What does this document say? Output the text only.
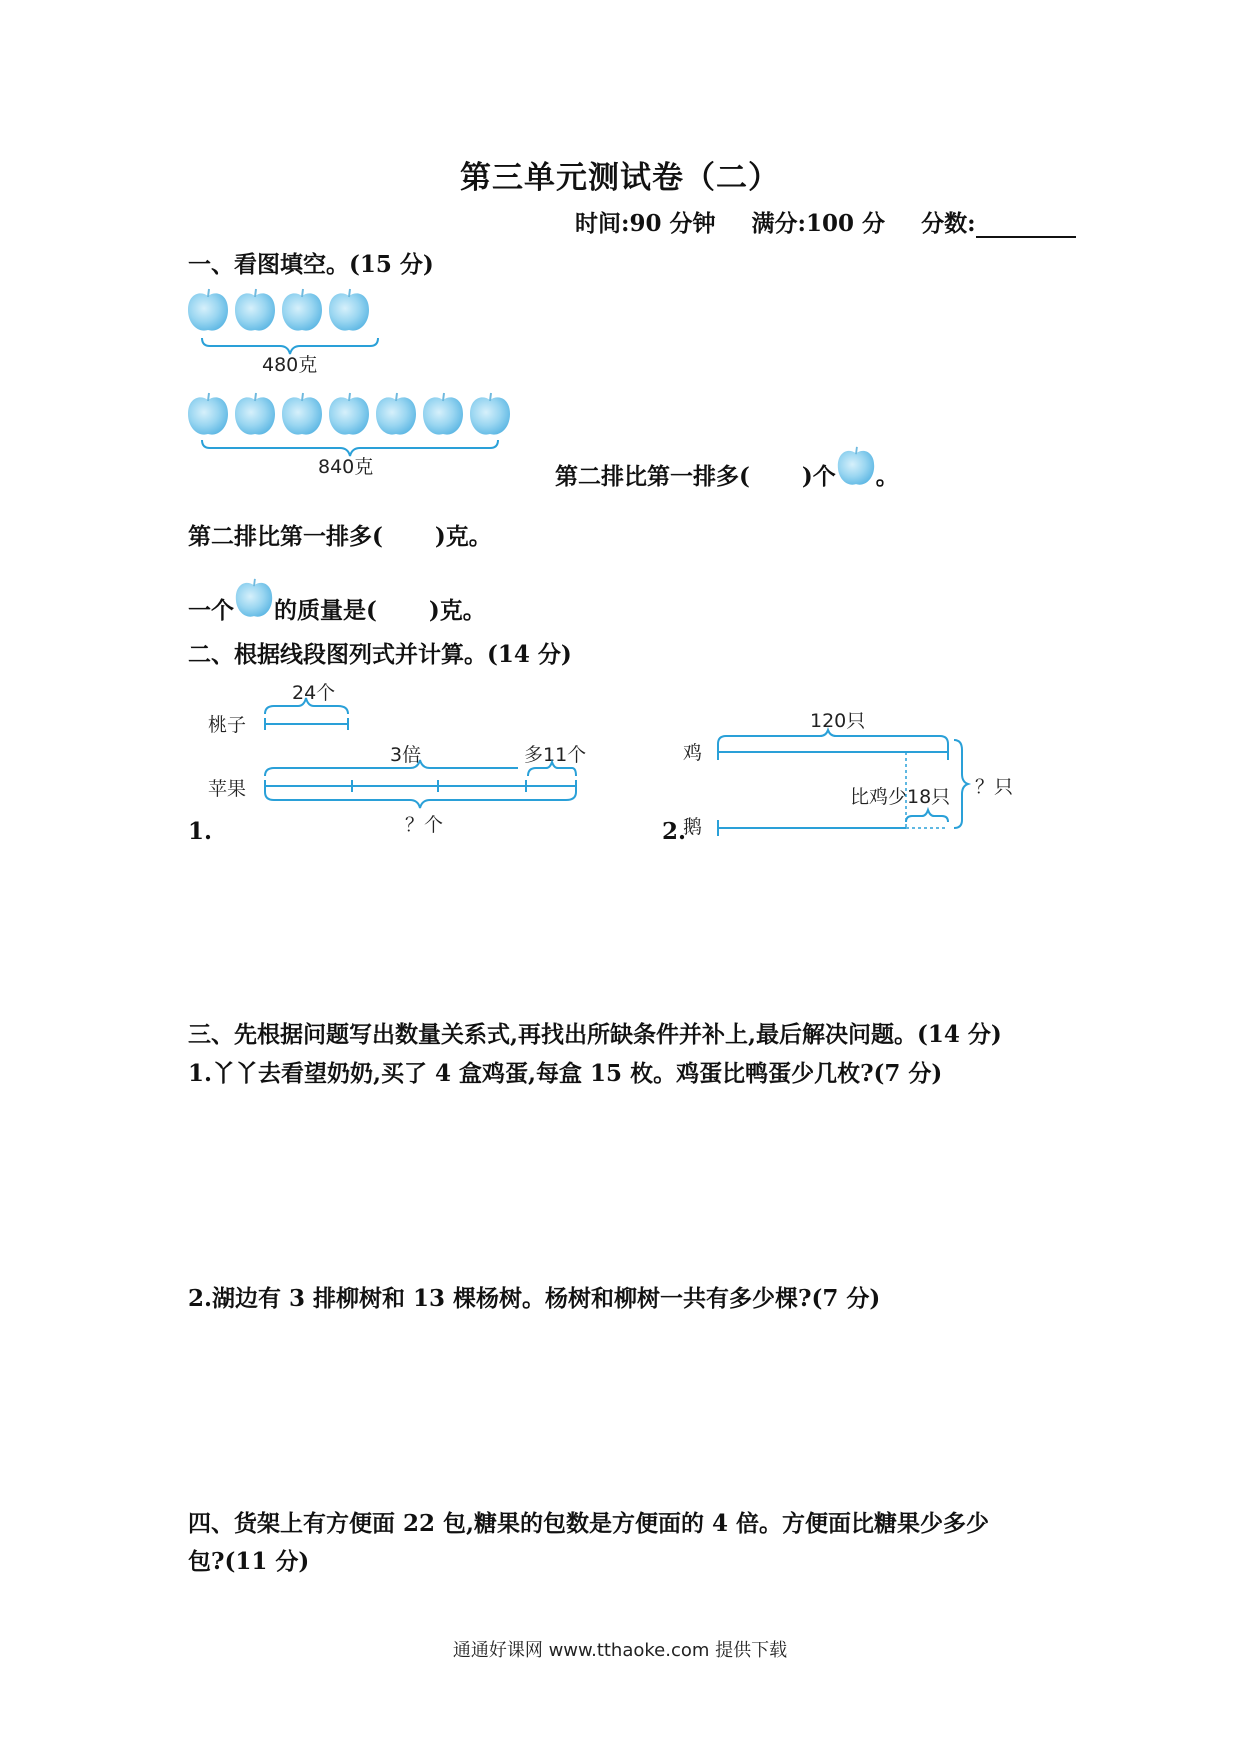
第三单元测试卷（二）
时间:90 分钟 满分:100 分 分数:
一、看图填空。(15 分)
480克
840克	第二排比第一排多( )个 。
第二排比第一排多( )克。
一个 的质量是( )克。
二、根据线段图列式并计算。(14 分)
24个
桃子
3倍	多11个
苹果
？个
1.
120只
鸡
比鸡少18只 ？只
2.
鹅
三、先根据问题写出数量关系式,再找出所缺条件并补上,最后解决问题。(14 分)
1.丫丫去看望奶奶,买了 4 盒鸡蛋,每盒 15 枚。鸡蛋比鸭蛋少几枚?(7 分)
2.湖边有 3 排柳树和 13 棵杨树。杨树和柳树一共有多少棵?(7 分)
四、货架上有方便面 22 包,糖果的包数是方便面的 4 倍。方便面比糖果少多少
包?(11 分)
通通好课网 www.tthaoke.com 提供下载
